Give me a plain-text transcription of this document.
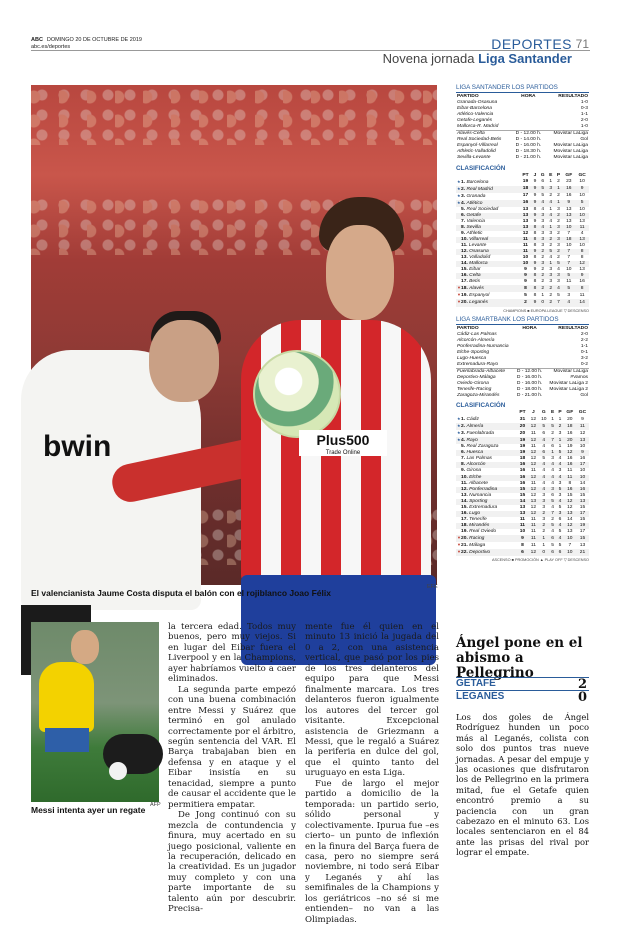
ABC DOMINGO 20 DE OCTUBRE DE 2019
abc.es/deportes	DEPORTES 71
Novena jornada Liga Santander
bwin	Plus500
Trade Online
EFE
El valencianista Jaume Costa disputa el balón con el rojiblanco Joao Félix
AFP
Messi intenta ayer un regate

la tercera edad. Todos muy buenos, pero muy viejos. Si en lugar del Eibar fuera el Liverpool y en la Champions, ayer habríamos vuelto a caer eliminados.

La segunda parte empezó con una buena combinación entre Messi y Suárez que terminó en gol anulado correctamente por el árbitro, según sentencia del VAR. El Barça trabajaban bien en defensa y en ataque y el Eibar insistía en su tenacidad, siempre a punto de causar el accidente que le permitiera empatar.

De Jong continuó con su mezcla de contundencia y finura, muy acertado en su juego posicional, valiente en la recuperación, delicado en la creatividad. Es un jugador muy completo y con una parte importante de su talento aún por descubrir. Precisa-

mente fue él quien en el minuto 13 inició la jugada del 0 a 2, con una asistencia vertical, que pasó por los pies de los tres delanteros del equipo para que Messi finalmente marcara. Los tres delanteros fueron igualmente los autores del tercer gol visitante. Excepcional asistencia de Griezmann a Messi, que le regaló a Suárez la periferia en dulce del gol, que el quinto tanto del uruguayo en esta Liga.

Fue de largo el mejor partido a domicilio de la temporada: un partido serio, sólido personal y colectivamente. Ipurua fue –es cierto– un punto de inflexión en la finura del Barça fuera de casa, pero no siempre será noviembre, ni todo será Eibar y Leganés y ahí las semifinales de la Champions y los geriátricos –no sé si me entienden– no van a las Olimpiadas.

LIGA SANTANDER LOS PARTIDOS
PARTIDO	HORA	RESULTADO
Granada-Osasuna		1-0
Eibar-Barcelona		0-3
Atlético-Valencia		1-1
Getafe-Leganés		2-0
Mallorca-R. Madrid		1-0
Alavés-Celta	D - 12.00 h.	Movistar LaLiga
Real Sociedad-Betis	D - 14.00 h.	Gol
Espanyol-Villarreal	D - 16.00 h.	Movistar LaLiga
Athletic-Valladolid	D - 18.30 h.	Movistar LaLiga
Sevilla-Levante	D - 21.00 h.	Movistar LaLiga
CLASIFICACIÓN
	PT	J	G	E	P	GF	GC
★1. Barcelona	19	9	6	1	2	23	10
★2. Real Madrid	18	9	5	3	1	16	9
★3. Granada	17	9	5	2	2	16	10
★4. Atlético	16	9	4	4	1	9	5
5. Real Sociedad	13	8	4	1	3	13	10
6. Getafe	13	9	3	4	2	13	10
7. Valencia	13	9	3	4	2	13	13
8. Sevilla	13	8	4	1	3	10	11
9. Athletic	12	8	3	3	2	7	4
10. Villarreal	11	8	3	2	3	18	13
11. Levante	11	8	3	2	3	10	10
12. Osasuna	11	9	2	5	2	7	8
13. Valladolid	10	8	2	4	2	7	8
14. Mallorca	10	9	3	1	5	7	12
15. Eibar	9	9	2	3	4	10	13
16. Celta	9	8	2	3	3	5	9
17. Betis	9	8	2	3	3	11	16
▼18. Alavés	8	8	2	2	4	5	8
▼19. Espanyol	5	8	1	2	5	3	11
▼20. Leganés	2	9	0	2	7	4	14
CHAMPIONS ■ EUROPA LEAGUE ▽ DESCENSO
LIGA SMARTBANK LOS PARTIDOS
PARTIDO	HORA	RESULTADO
Cádiz-Las Palmas		2-0
Alcorcón-Almería		2-2
Ponferradina-Numancia		1-1
Elche-Sporting		0-1
Lugo-Huesca		3-2
Extremadura-Rayo		0-2
Fuenlabrada-Albacete	D - 12.00 h.	Movistar LaLiga
Deportivo-Málaga	D - 16.00 h.	#Vamos
Oviedo-Girona	D - 16.00 h.	Movistar LaLiga 2
Tenerife-Racing	D - 18.00 h.	Movistar LaLiga 2
Zaragoza-Mirandés	D - 21.00 h.	Gol
CLASIFICACIÓN
	PT	J	G	E	P	GF	GC
★1. Cádiz	31	12	10	1	1	20	9
★2. Almería	20	12	5	5	2	18	11
★3. Fuenlabrada	20	11	6	2	3	16	12
★4. Rayo	19	12	4	7	1	20	13
5. Real Zaragoza	19	11	4	6	1	19	10
6. Huesca	19	12	6	1	5	12	9
7. Las Palmas	18	12	5	3	4	16	16
8. Alcorcón	16	12	4	4	4	16	17
9. Girona	16	11	4	4	3	11	10
10. Elche	16	12	4	4	4	11	10
11. Albacete	16	11	4	4	3	8	14
12. Ponferradina	15	12	4	3	5	16	16
13. Numancia	15	12	3	6	3	15	15
14. Sporting	14	13	3	5	4	12	13
15. Extremadura	13	12	3	4	5	12	15
16. Lugo	13	12	2	7	3	13	17
17. Tenerife	11	11	3	2	6	14	15
18. Mirandés	11	11	2	5	4	12	19
19. Real Oviedo	10	11	2	4	5	13	17
▼20. Racing	9	11	1	6	4	10	15
▼21. Málaga	8	11	1	5	5	7	13
▼22. Deportivo	6	12	0	6	6	10	21
ASCENSO ■ PROMOCIÓN ▲ PLAY OFF ▽ DESCENSO
Ángel pone en el abismo a Pellegrino
GETAFE	2
LEGANÉS	0
Los dos goles de Ángel Rodríguez hunden un poco más al Leganés, colista con solo dos puntos tras nueve jornadas. A pesar del empuje y las ocasiones que disfrutaron los de Pellegrino en la primera mitad, fue el Getafe quien encontró premio a su paciencia con un gran cabezazo en el minuto 63. Los locales sentenciaron en el 84 ante las prisas del rival por lograr el empate.
